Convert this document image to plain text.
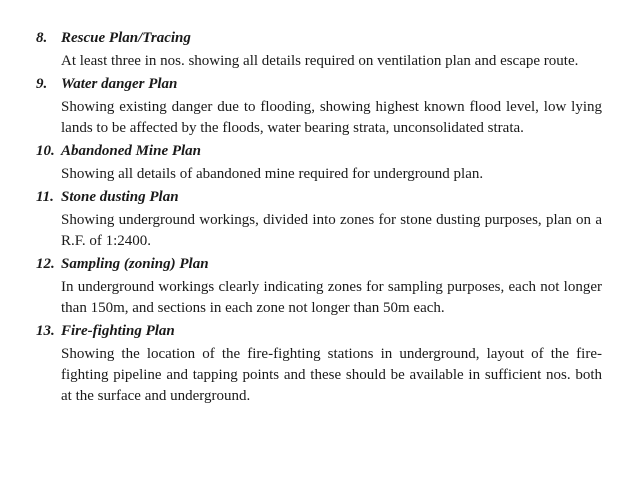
8. Rescue Plan/Tracing

At least three in nos. showing all details required on ventilation plan and escape route.

9. Water danger Plan

Showing existing danger due to flooding, showing highest known flood level, low lying lands to be affected by the floods, water bearing strata, unconsolidated strata.

10. Abandoned Mine Plan

Showing all details of abandoned mine required for underground plan.

11. Stone dusting Plan

Showing underground workings, divided into zones for stone dusting purposes, plan on a R.F. of 1:2400.

12. Sampling (zoning) Plan

In underground workings clearly indicating zones for sampling purposes, each not longer than 150m, and sections in each zone not longer than 50m each.

13. Fire-fighting Plan

Showing the location of the fire-fighting stations in underground, layout of the fire-fighting pipeline and tapping points and these should be available in sufficient nos. both at the surface and underground.
